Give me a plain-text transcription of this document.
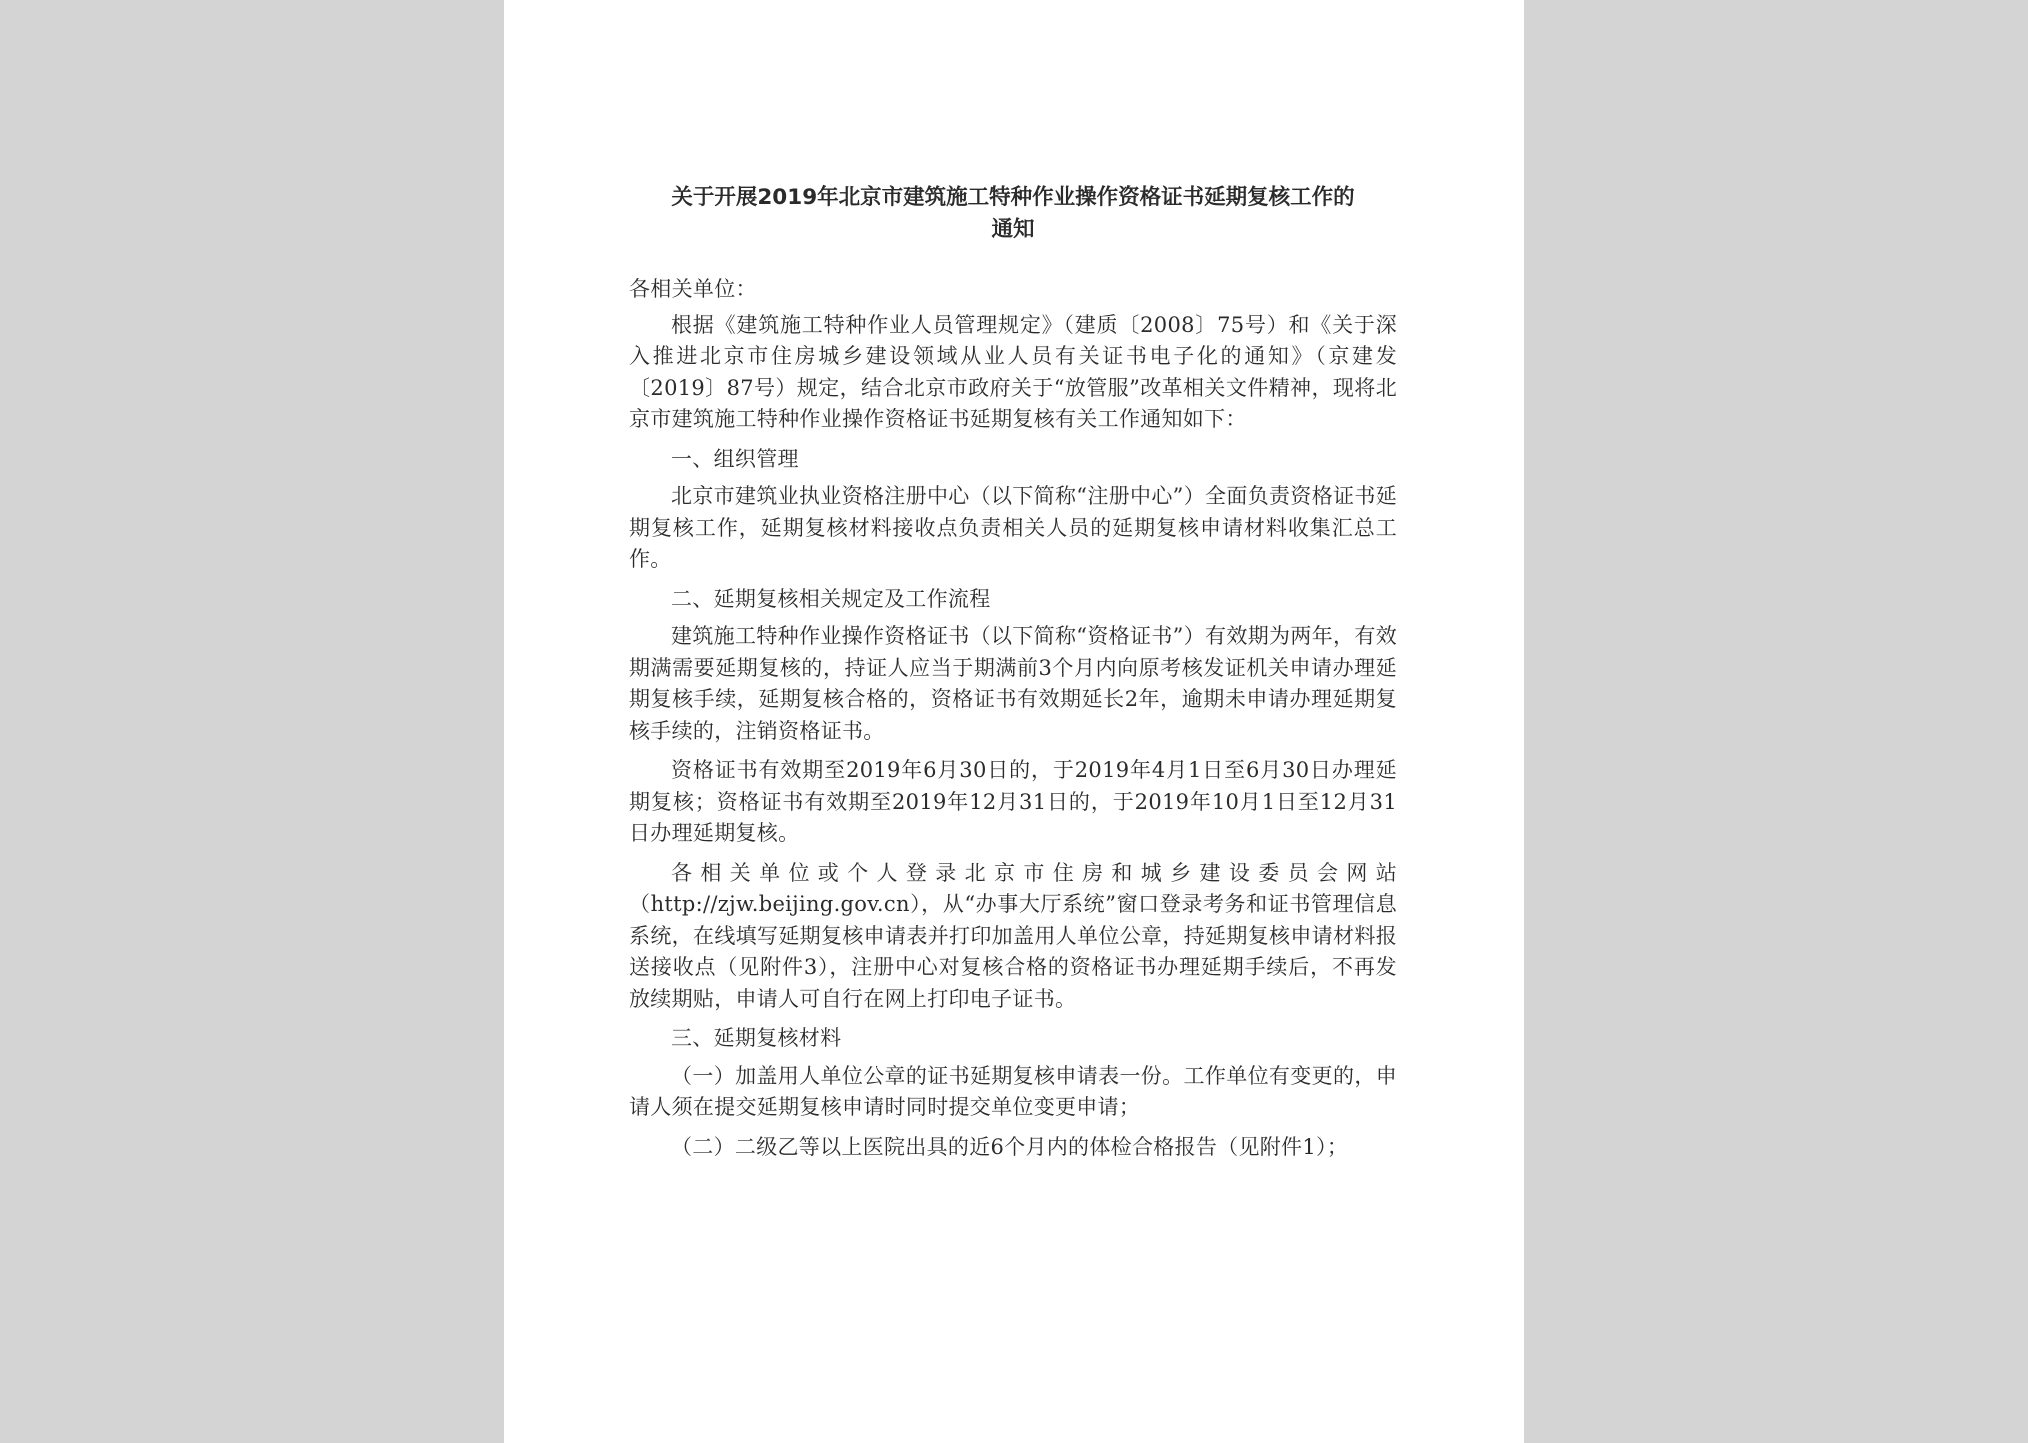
关于开展2019年北京市建筑施工特种作业操作资格证书延期复核工作的
通知

各相关单位：

根据《建筑施工特种作业人员管理规定》（建质〔2008〕75号）和《关于深入推进北京市住房城乡建设领域从业人员有关证书电子化的通知》（京建发〔2019〕87号）规定，结合北京市政府关于“放管服”改革相关文件精神，现将北京市建筑施工特种作业操作资格证书延期复核有关工作通知如下：

一、组织管理

北京市建筑业执业资格注册中心（以下简称“注册中心”）全面负责资格证书延期复核工作，延期复核材料接收点负责相关人员的延期复核申请材料收集汇总工作。

二、延期复核相关规定及工作流程

建筑施工特种作业操作资格证书（以下简称“资格证书”）有效期为两年，有效期满需要延期复核的，持证人应当于期满前3个月内向原考核发证机关申请办理延期复核手续，延期复核合格的，资格证书有效期延长2年，逾期未申请办理延期复核手续的，注销资格证书。

资格证书有效期至2019年6月30日的，于2019年4月1日至6月30日办理延期复核；资格证书有效期至2019年12月31日的，于2019年10月1日至12月31日办理延期复核。

各相关单位或个人登录北京市住房和城乡建设委员会网站（http://zjw.beijing.gov.cn），从“办事大厅系统”窗口登录考务和证书管理信息系统，在线填写延期复核申请表并打印加盖用人单位公章，持延期复核申请材料报送接收点（见附件3），注册中心对复核合格的资格证书办理延期手续后，不再发放续期贴，申请人可自行在网上打印电子证书。

三、延期复核材料

（一）加盖用人单位公章的证书延期复核申请表一份。工作单位有变更的，申请人须在提交延期复核申请时同时提交单位变更申请；

（二）二级乙等以上医院出具的近6个月内的体检合格报告（见附件1）；
